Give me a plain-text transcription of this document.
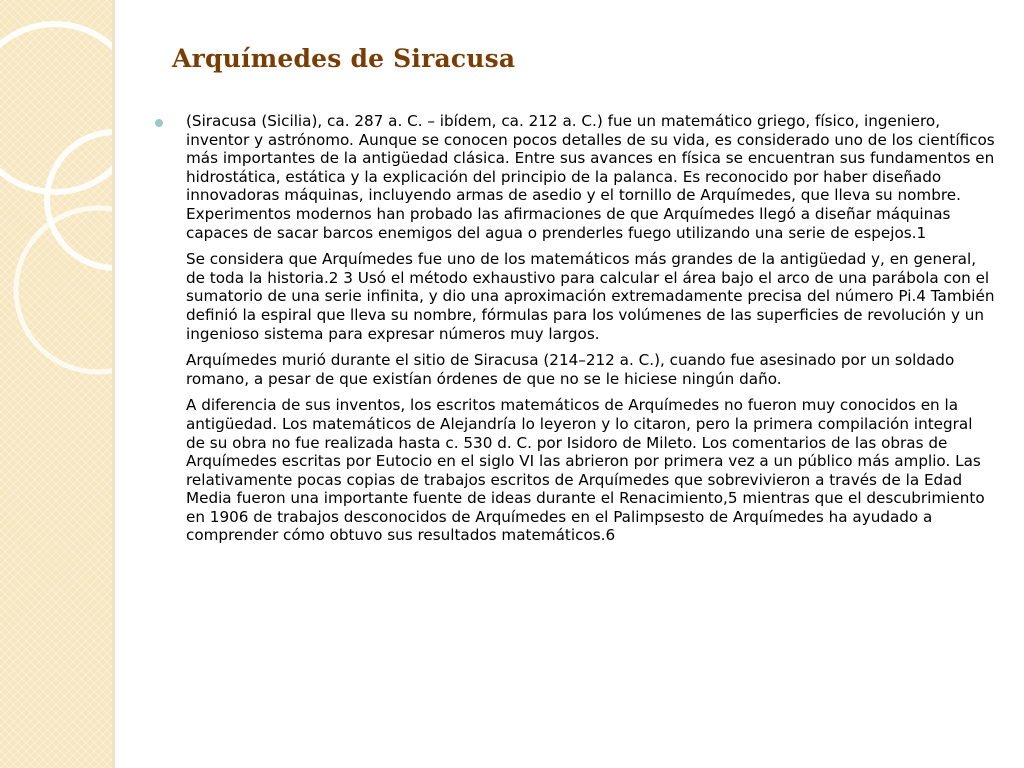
Arquímedes de Siracusa

(Siracusa (Sicilia), ca. 287 a. C. – ibídem, ca. 212 a. C.) fue un matemático griego, físico, ingeniero, inventor y astrónomo. Aunque se conocen pocos detalles de su vida, es considerado uno de los científicos más importantes de la antigüedad clásica. Entre sus avances en física se encuentran sus fundamentos en hidrostática, estática y la explicación del principio de la palanca. Es reconocido por haber diseñado innovadoras máquinas, incluyendo armas de asedio y el tornillo de Arquímedes, que lleva su nombre. Experimentos modernos han probado las afirmaciones de que Arquímedes llegó a diseñar máquinas capaces de sacar barcos enemigos del agua o prenderles fuego utilizando una serie de espejos.1

Se considera que Arquímedes fue uno de los matemáticos más grandes de la antigüedad y, en general, de toda la historia.2 3 Usó el método exhaustivo para calcular el área bajo el arco de una parábola con el sumatorio de una serie infinita, y dio una aproximación extremadamente precisa del número Pi.4 También definió la espiral que lleva su nombre, fórmulas para los volúmenes de las superficies de revolución y un ingenioso sistema para expresar números muy largos.

Arquímedes murió durante el sitio de Siracusa (214–212 a. C.), cuando fue asesinado por un soldado romano, a pesar de que existían órdenes de que no se le hiciese ningún daño.

A diferencia de sus inventos, los escritos matemáticos de Arquímedes no fueron muy conocidos en la antigüedad. Los matemáticos de Alejandría lo leyeron y lo citaron, pero la primera compilación integral de su obra no fue realizada hasta c. 530 d. C. por Isidoro de Mileto. Los comentarios de las obras de Arquímedes escritas por Eutocio en el siglo VI las abrieron por primera vez a un público más amplio. Las relativamente pocas copias de trabajos escritos de Arquímedes que sobrevivieron a través de la Edad Media fueron una importante fuente de ideas durante el Renacimiento,5 mientras que el descubrimiento en 1906 de trabajos desconocidos de Arquímedes en el Palimpsesto de Arquímedes ha ayudado a comprender cómo obtuvo sus resultados matemáticos.6
